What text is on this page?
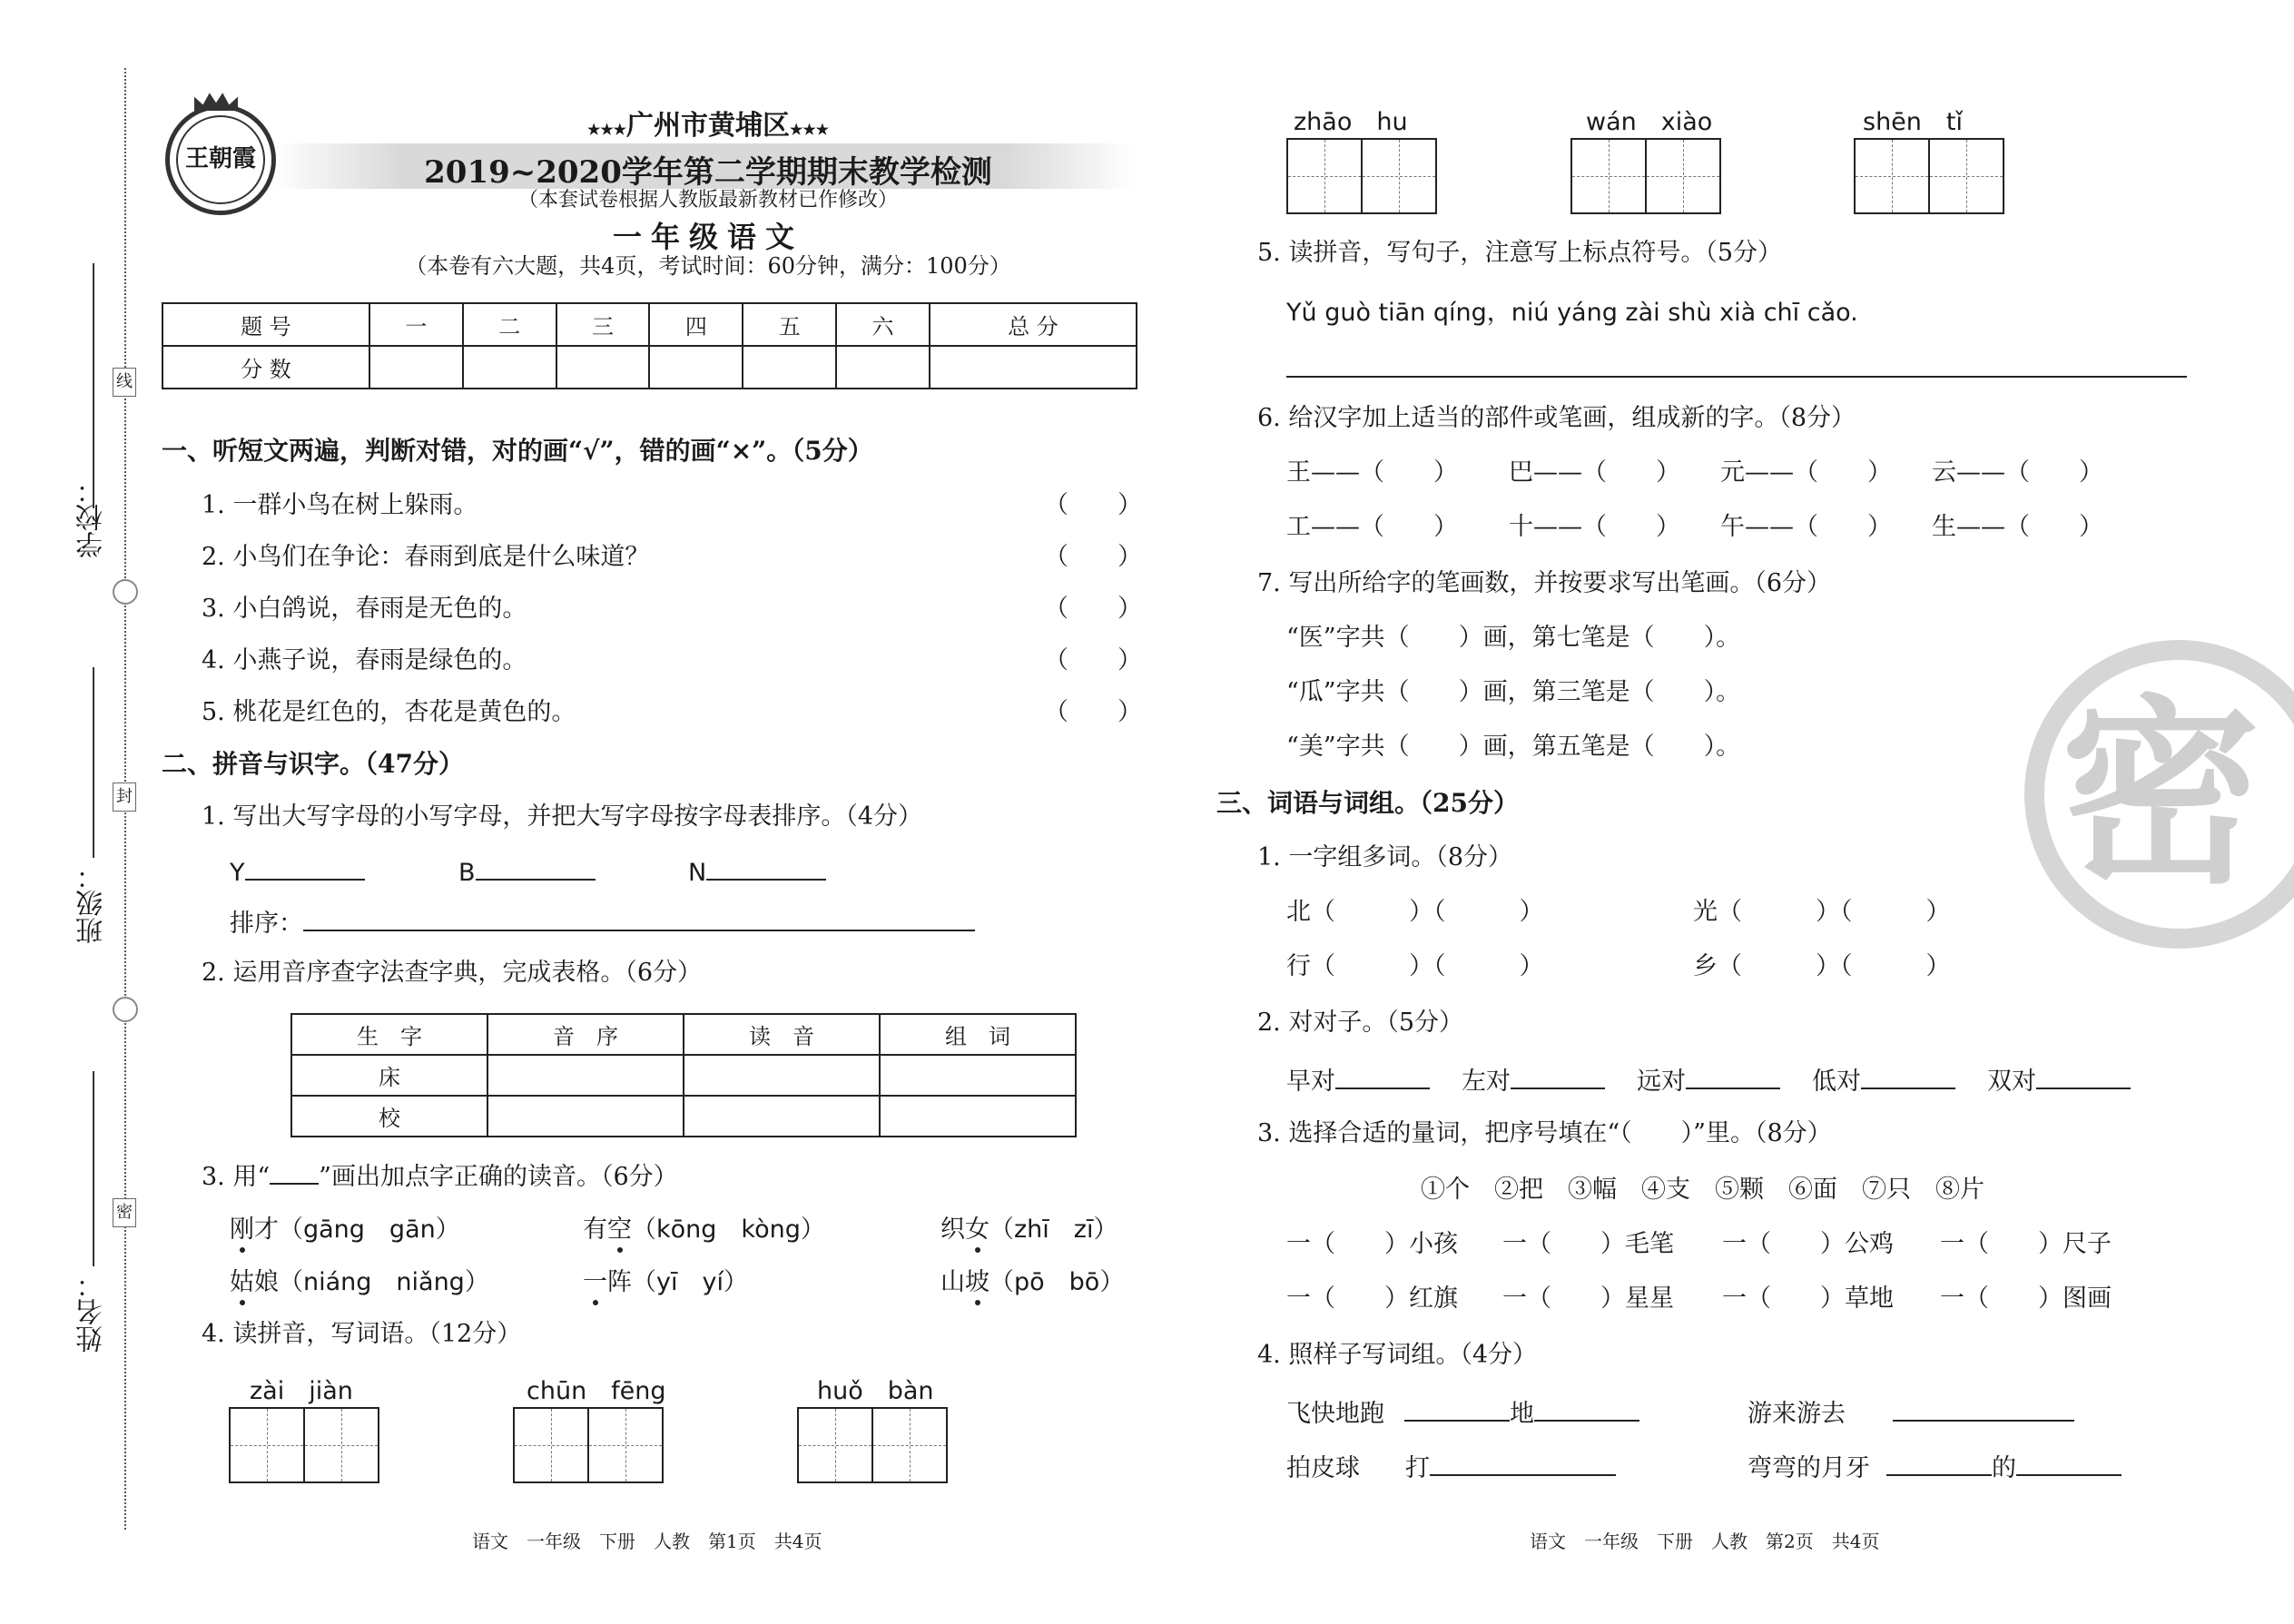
学校：
班级：
姓名：
线
封
密
王朝霞
★★★广州市黄埔区★★★
2019~2020学年第二学期期末教学检测
（本套试卷根据人教版最新教材已作修改）
一年级语文
（本卷有六大题，共4页，考试时间：60分钟，满分：100分）
题 号	一	二	三	四	五	六	总 分
分 数							
一、听短文两遍，判断对错，对的画“√”，错的画“×”。（5分）
1. 一群小鸟在树上躲雨。
2. 小鸟们在争论：春雨到底是什么味道？
3. 小白鸽说，春雨是无色的。
4. 小燕子说，春雨是绿色的。
5. 桃花是红色的，杏花是黄色的。
（　　）
（　　）
（　　）
（　　）
（　　）
二、拼音与识字。（47分）
1. 写出大写字母的小写字母，并把大写字母按字母表排序。（4分）
Y	B	N
排序：
2. 运用音序查字法查字典，完成表格。（6分）
生　字	音　序	读　音	组　词
床			
校			
3. 用“ ”画出加点字正确的读音。（6分）
刚才（gāng　gān）	有空（kōng　kòng）	织女（zhī　zī）
姑娘（niáng　niǎng）	一阵（yī　yí）	山坡（pō　bō）
4. 读拼音，写词语。（12分）
zài　jiàn	chūn　fēng	huǒ　bàn
语文　一年级　下册　人教　第1页　共4页
zhāo　hu	wán　xiào	shēn　tǐ
5. 读拼音，写句子，注意写上标点符号。（5分）
Yǔ guò tiān qíng，niú yáng zài shù xià chī cǎo.
6. 给汉字加上适当的部件或笔画，组成新的字。（8分）
王——（　　） 巴——（　　） 元——（　　） 云——（　　）
工——（　　） 十——（　　） 午——（　　） 生——（　　）
7. 写出所给字的笔画数，并按要求写出笔画。（6分）
“医”字共（　　）画，第七笔是（　　）。
“瓜”字共（　　）画，第三笔是（　　）。
“美”字共（　　）画，第五笔是（　　）。
三、词语与词组。（25分）
1. 一字组多词。（8分）
北（　　　）（　　　）	光（　　　）（　　　）
行（　　　）（　　　）	乡（　　　）（　　　）
2. 对对子。（5分）
早对	左对	远对	低对	双对
3. 选择合适的量词，把序号填在“（　　）”里。（8分）
①个　②把　③幅　④支　⑤颗　⑥面　⑦只　⑧片
一（　　）小孩 一（　　）毛笔 一（　　）公鸡 一（　　）尺子
一（　　）红旗 一（　　）星星 一（　　）草地 一（　　）图画
4. 照样子写词组。（4分）
飞快地跑	地	游来游去
拍皮球 打	弯弯的月牙	的
语文　一年级　下册　人教　第2页　共4页
密
